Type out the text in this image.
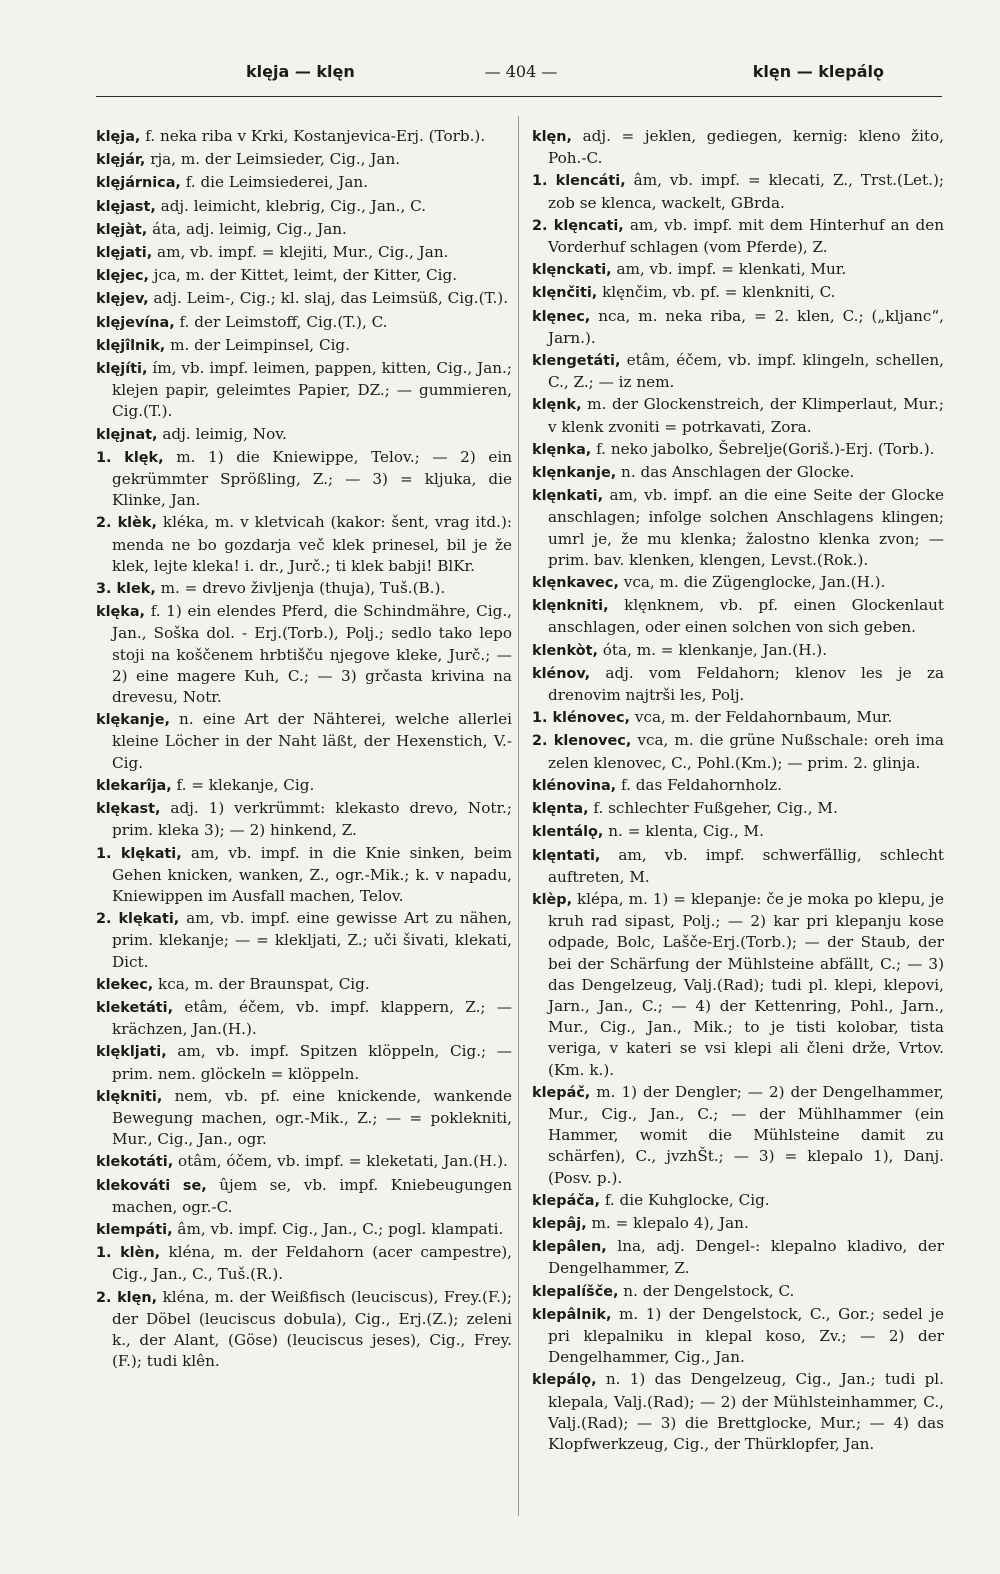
klęja — klęn	— 404 —	klęn — klepálǫ

klęja, f. neka riba v Krki, Kostanjevica-Erj. (Torb.).

klęjár, rja, m. der Leimsieder, Cig., Jan.

klęjárnica, f. die Leimsiederei, Jan.

klęjast, adj. leimicht, klebrig, Cig., Jan., C.

klęjàt, áta, adj. leimig, Cig., Jan.

klęjati, am, vb. impf. = klejiti, Mur., Cig., Jan.

klęjec, jca, m. der Kittet, leimt, der Kitter, Cig.

klęjev, adj. Leim-, Cig.; kl. slaj, das Leimsüß, Cig.(T.).

klęjevína, f. der Leimstoff, Cig.(T.), C.

klęjîlnik, m. der Leimpinsel, Cig.

klęjíti, ím, vb. impf. leimen, pappen, kitten, Cig., Jan.; klejen papir, geleimtes Papier, DZ.; — gummieren, Cig.(T.).

klęjnat, adj. leimig, Nov.

1. klęk, m. 1) die Kniewippe, Telov.; — 2) ein gekrümmter Sprößling, Z.; — 3) = kljuka, die Klinke, Jan.

2. klèk, kléka, m. v kletvicah (kakor: šent, vrag itd.): menda ne bo gozdarja več klek prinesel, bil je že klek, lejte kleka! i. dr., Jurč.; ti klek babji! BlKr.

3. klek, m. = drevo življenja (thuja), Tuš.(B.).

klęka, f. 1) ein elendes Pferd, die Schindmähre, Cig., Jan., Soška dol. - Erj.(Torb.), Polj.; sedlo tako lepo stoji na koščenem hrbtišču njegove kleke, Jurč.; — 2) eine magere Kuh, C.; — 3) grčasta krivina na drevesu, Notr.

klękanje, n. eine Art der Nähterei, welche allerlei kleine Löcher in der Naht läßt, der Hexenstich, V.-Cig.

klekarîja, f. = klekanje, Cig.

klękast, adj. 1) verkrümmt: klekasto drevo, Notr.; prim. kleka 3); — 2) hinkend, Z.

1. klękati, am, vb. impf. in die Knie sinken, beim Gehen knicken, wanken, Z., ogr.-Mik.; k. v napadu, Kniewippen im Ausfall machen, Telov.

2. klękati, am, vb. impf. eine gewisse Art zu nähen, prim. klekanje; — = klekljati, Z.; uči šivati, klekati, Dict.

klekec, kca, m. der Braunspat, Cig.

kleketáti, etâm, éčem, vb. impf. klappern, Z.; — krächzen, Jan.(H.).

klękljati, am, vb. impf. Spitzen klöppeln, Cig.; — prim. nem. glöckeln = klöppeln.

klękniti, nem, vb. pf. eine knickende, wankende Bewegung machen, ogr.-Mik., Z.; — = poklekniti, Mur., Cig., Jan., ogr.

klekotáti, otâm, óčem, vb. impf. = kleketati, Jan.(H.).

klekováti se, ûjem se, vb. impf. Kniebeugungen machen, ogr.-C.

klempáti, âm, vb. impf. Cig., Jan., C.; pogl. klampati.

1. klèn, kléna, m. der Feldahorn (acer campestre), Cig., Jan., C., Tuš.(R.).

2. klęn, kléna, m. der Weißfisch (leuciscus), Frey.(F.); der Döbel (leuciscus dobula), Cig., Erj.(Z.); zeleni k., der Alant, (Göse) (leuciscus jeses), Cig., Frey.(F.); tudi klên.

klęn, adj. = jeklen, gediegen, kernig: kleno žito, Poh.-C.

1. klencáti, âm, vb. impf. = klecati, Z., Trst.(Let.); zob se klenca, wackelt, GBrda.

2. klęncati, am, vb. impf. mit dem Hinterhuf an den Vorderhuf schlagen (vom Pferde), Z.

klęnckati, am, vb. impf. = klenkati, Mur.

klęnčiti, klęnčim, vb. pf. = klenkniti, C.

klęnec, nca, m. neka riba, = 2. klen, C.; („kljanc“, Jarn.).

klengetáti, etâm, éčem, vb. impf. klingeln, schellen, C., Z.; — iz nem.

klęnk, m. der Glockenstreich, der Klimperlaut, Mur.; v klenk zvoniti = potrkavati, Zora.

klęnka, f. neko jabolko, Šebrelje(Goriš.)-Erj. (Torb.).

klęnkanje, n. das Anschlagen der Glocke.

klęnkati, am, vb. impf. an die eine Seite der Glocke anschlagen; infolge solchen Anschlagens klingen; umrl je, že mu klenka; žalostno klenka zvon; — prim. bav. klenken, klengen, Levst.(Rok.).

klęnkavec, vca, m. die Zügenglocke, Jan.(H.).

klęnkniti, klęnknem, vb. pf. einen Glockenlaut anschlagen, oder einen solchen von sich geben.

klenkòt, óta, m. = klenkanje, Jan.(H.).

klénov, adj. vom Feldahorn; klenov les je za drenovim najtrši les, Polj.

1. klénovec, vca, m. der Feldahornbaum, Mur.

2. klenovec, vca, m. die grüne Nußschale: oreh ima zelen klenovec, C., Pohl.(Km.); — prim. 2. glinja.

klénovina, f. das Feldahornholz.

klęnta, f. schlechter Fußgeher, Cig., M.

klentálǫ, n. = klenta, Cig., M.

klęntati, am, vb. impf. schwerfällig, schlecht auftreten, M.

klèp, klépa, m. 1) = klepanje: če je moka po klepu, je kruh rad sipast, Polj.; — 2) kar pri klepanju kose odpade, Bolc, Lašče-Erj.(Torb.); — der Staub, der bei der Schärfung der Mühlsteine abfällt, C.; — 3) das Dengelzeug, Valj.(Rad); tudi pl. klepi, klepovi, Jarn., Jan., C.; — 4) der Kettenring, Pohl., Jarn., Mur., Cig., Jan., Mik.; to je tisti kolobar, tista veriga, v kateri se vsi klepi ali členi drže, Vrtov.(Km. k.).

klepáč, m. 1) der Dengler; — 2) der Dengelhammer, Mur., Cig., Jan., C.; — der Mühlhammer (ein Hammer, womit die Mühlsteine damit zu schärfen), C., jvzhŠt.; — 3) = klepalo 1), Danj.(Posv. p.).

klepáča, f. die Kuhglocke, Cig.

klepâj, m. = klepalo 4), Jan.

klepâlen, lna, adj. Dengel-: klepalno kladivo, der Dengelhammer, Z.

klepalíšče, n. der Dengelstock, C.

klepâlnik, m. 1) der Dengelstock, C., Gor.; sedel je pri klepalniku in klepal koso, Zv.; — 2) der Dengelhammer, Cig., Jan.

klepálǫ, n. 1) das Dengelzeug, Cig., Jan.; tudi pl. klepala, Valj.(Rad); — 2) der Mühlsteinhammer, C., Valj.(Rad); — 3) die Brettglocke, Mur.; — 4) das Klopfwerkzeug, Cig., der Thürklopfer, Jan.
